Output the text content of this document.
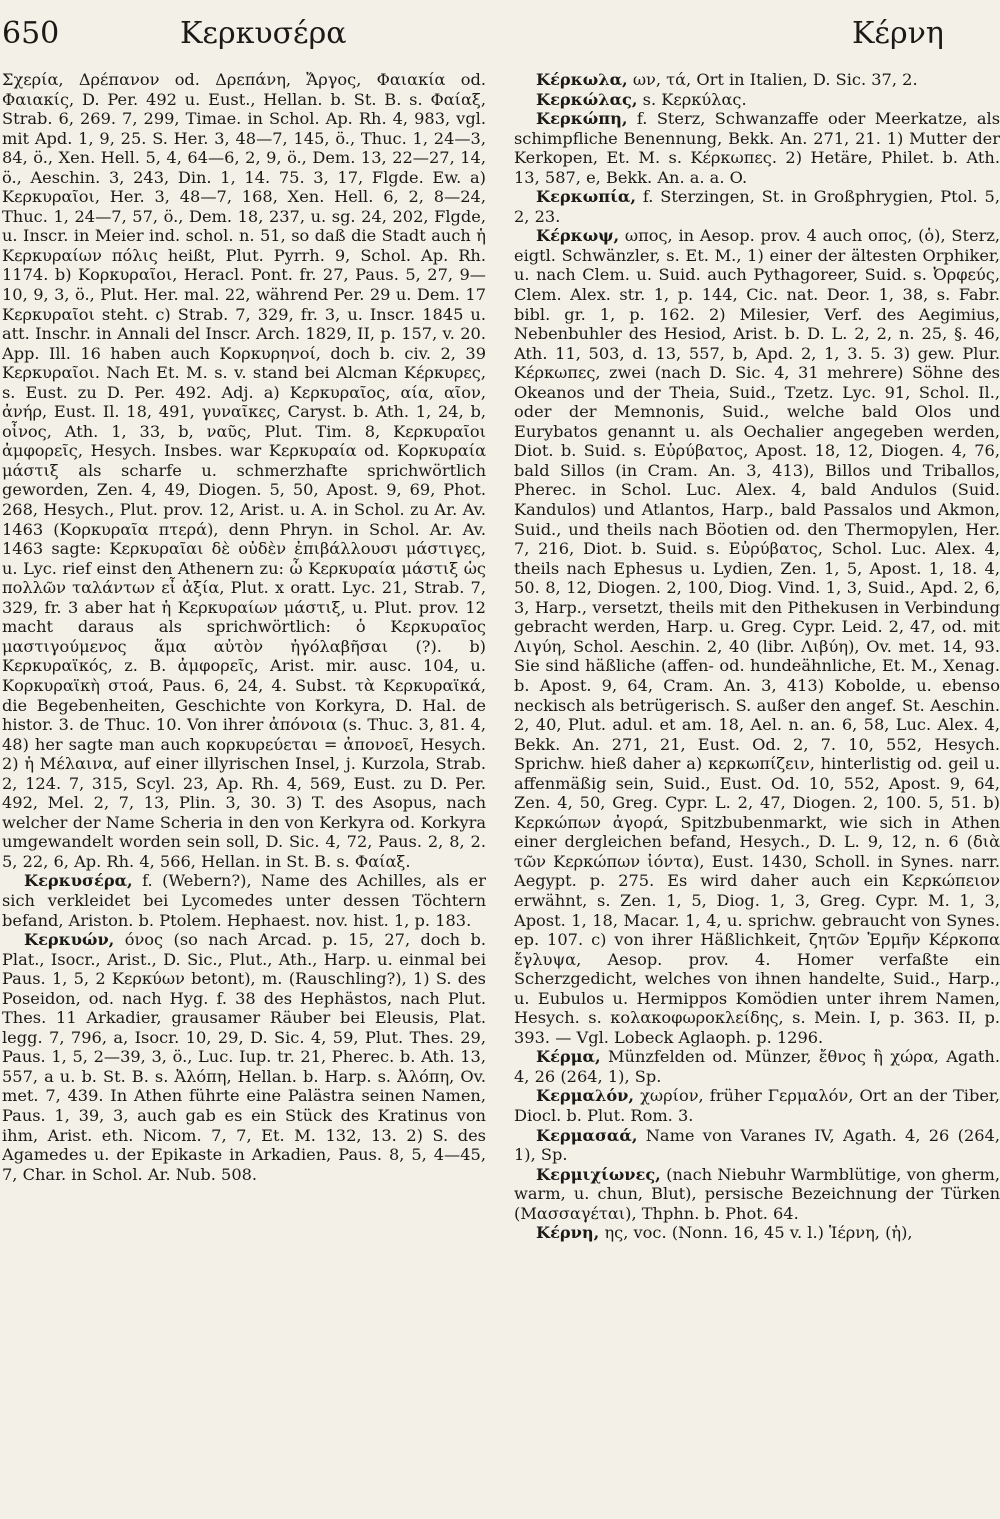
650	Κερκυσέρα	Κέρνη

Σχερία, Δρέπανον od. Δρεπάνη, Ἄργος, Φαιακία od. Φαιακίς, D. Per. 492 u. Eust., Hellan. b. St. B. s. Φαίαξ, Strab. 6, 269. 7, 299, Timae. in Schol. Ap. Rh. 4, 983, vgl. mit Apd. 1, 9, 25. S. Her. 3, 48—7, 145, ö., Thuc. 1, 24—3, 84, ö., Xen. Hell. 5, 4, 64—6, 2, 9, ö., Dem. 13, 22—27, 14, ö., Aeschin. 3, 243, Din. 1, 14. 75. 3, 17, Flgde. Ew. a) Κερκυραῖοι, Her. 3, 48—7, 168, Xen. Hell. 6, 2, 8—24, Thuc. 1, 24—7, 57, ö., Dem. 18, 237, u. sg. 24, 202, Flgde, u. Inscr. in Meier ind. schol. n. 51, so daß die Stadt auch ἡ Κερκυραίων πόλις heißt, Plut. Pyrrh. 9, Schol. Ap. Rh. 1174. b) Κορκυραῖοι, Heracl. Pont. fr. 27, Paus. 5, 27, 9—10, 9, 3, ö., Plut. Her. mal. 22, während Per. 29 u. Dem. 17 Κερκυραῖοι steht. c) Strab. 7, 329, fr. 3, u. Inscr. 1845 u. att. Inschr. in Annali del Inscr. Arch. 1829, II, p. 157, v. 20. App. Ill. 16 haben auch Κορκυρηνοί, doch b. civ. 2, 39 Κερκυραῖοι. Nach Et. M. s. v. stand bei Alcman Κέρκυρες, s. Eust. zu D. Per. 492. Adj. a) Κερκυραῖος, αία, αῖον, ἀνήρ, Eust. Il. 18, 491, γυναῖκες, Caryst. b. Ath. 1, 24, b, οἶνος, Ath. 1, 33, b, ναῦς, Plut. Tim. 8, Κερκυραῖοι ἀμφορεῖς, Hesych. Insbes. war Κερκυραία od. Κορκυραία μάστιξ als scharfe u. schmerzhafte sprichwörtlich geworden, Zen. 4, 49, Diogen. 5, 50, Apost. 9, 69, Phot. 268, Hesych., Plut. prov. 12, Arist. u. A. in Schol. zu Ar. Av. 1463 (Κορκυραῖα πτερά), denn Phryn. in Schol. Ar. Av. 1463 sagte: Κερκυραῖαι δὲ οὐδὲν ἐπιβάλλουσι μάστιγες, u. Lyc. rief einst den Athenern zu: ὦ Κερκυραία μάστιξ ὡς πολλῶν ταλάντων εἶ ἀξία, Plut. x oratt. Lyc. 21, Strab. 7, 329, fr. 3 aber hat ἡ Κερκυραίων μάστιξ, u. Plut. prov. 12 macht daraus als sprichwörtlich: ὁ Κερκυραῖος μαστιγούμενος ἅμα αὐτὸν ἠγόλαβῆσαι (?). b) Κερκυραϊκός, z. B. ἀμφορεῖς, Arist. mir. ausc. 104, u. Κορκυραϊκὴ στοά, Paus. 6, 24, 4. Subst. τὰ Κερκυραϊκά, die Begebenheiten, Geschichte von Korkyra, D. Hal. de histor. 3. de Thuc. 10. Von ihrer ἀπόνοια (s. Thuc. 3, 81. 4, 48) her sagte man auch κορκυρεύεται = ἀπονοεῖ, Hesych. 2) ἡ Μέλαινα, auf einer illyrischen Insel, j. Kurzola, Strab. 2, 124. 7, 315, Scyl. 23, Ap. Rh. 4, 569, Eust. zu D. Per. 492, Mel. 2, 7, 13, Plin. 3, 30. 3) T. des Asopus, nach welcher der Name Scheria in den von Kerkyra od. Korkyra umgewandelt worden sein soll, D. Sic. 4, 72, Paus. 2, 8, 2. 5, 22, 6, Ap. Rh. 4, 566, Hellan. in St. B. s. Φαίαξ.

Κερκυσέρα, f. (Webern?), Name des Achilles, als er sich verkleidet bei Lycomedes unter dessen Töchtern befand, Ariston. b. Ptolem. Hephaest. nov. hist. 1, p. 183.

Κερκυών, όνος (so nach Arcad. p. 15, 27, doch b. Plat., Isocr., Arist., D. Sic., Plut., Ath., Harp. u. einmal bei Paus. 1, 5, 2 Κερκύων betont), m. (Rauschling?), 1) S. des Poseidon, od. nach Hyg. f. 38 des Hephästos, nach Plut. Thes. 11 Arkadier, grausamer Räuber bei Eleusis, Plat. legg. 7, 796, a, Isocr. 10, 29, D. Sic. 4, 59, Plut. Thes. 29, Paus. 1, 5, 2—39, 3, ö., Luc. Iup. tr. 21, Pherec. b. Ath. 13, 557, a u. b. St. B. s. Ἀλόπη, Hellan. b. Harp. s. Ἀλόπη, Ov. met. 7, 439. In Athen führte eine Palästra seinen Namen, Paus. 1, 39, 3, auch gab es ein Stück des Kratinus von ihm, Arist. eth. Nicom. 7, 7, Et. M. 132, 13. 2) S. des Agamedes u. der Epikaste in Arkadien, Paus. 8, 5, 4—45, 7, Char. in Schol. Ar. Nub. 508.

Κέρκωλα, ων, τά, Ort in Italien, D. Sic. 37, 2.

Κερκώλας, s. Κερκύλας.

Κερκώπη, f. Sterz, Schwanzaffe oder Meerkatze, als schimpfliche Benennung, Bekk. An. 271, 21. 1) Mutter der Kerkopen, Et. M. s. Κέρκωπες. 2) Hetäre, Philet. b. Ath. 13, 587, e, Bekk. An. a. a. O.

Κερκωπία, f. Sterzingen, St. in Großphrygien, Ptol. 5, 2, 23.

Κέρκωψ, ωπος, in Aesop. prov. 4 auch οπος, (ὁ), Sterz, eigtl. Schwänzler, s. Et. M., 1) einer der ältesten Orphiker, u. nach Clem. u. Suid. auch Pythagoreer, Suid. s. Ὀρφεύς, Clem. Alex. str. 1, p. 144, Cic. nat. Deor. 1, 38, s. Fabr. bibl. gr. 1, p. 162. 2) Milesier, Verf. des Aegimius, Nebenbuhler des Hesiod, Arist. b. D. L. 2, 2, n. 25, §. 46, Ath. 11, 503, d. 13, 557, b, Apd. 2, 1, 3. 5. 3) gew. Plur. Κέρκωπες, zwei (nach D. Sic. 4, 31 mehrere) Söhne des Okeanos und der Theia, Suid., Tzetz. Lyc. 91, Schol. Il., oder der Memnonis, Suid., welche bald Olos und Eurybatos genannt u. als Oechalier angegeben werden, Diot. b. Suid. s. Εὐρύβατος, Apost. 18, 12, Diogen. 4, 76, bald Sillos (in Cram. An. 3, 413), Billos und Triballos, Pherec. in Schol. Luc. Alex. 4, bald Andulos (Suid. Kandulos) und Atlantos, Harp., bald Passalos und Akmon, Suid., und theils nach Böotien od. den Thermopylen, Her. 7, 216, Diot. b. Suid. s. Εὐρύβατος, Schol. Luc. Alex. 4, theils nach Ephesus u. Lydien, Zen. 1, 5, Apost. 1, 18. 4, 50. 8, 12, Diogen. 2, 100, Diog. Vind. 1, 3, Suid., Apd. 2, 6, 3, Harp., versetzt, theils mit den Pithekusen in Verbindung gebracht werden, Harp. u. Greg. Cypr. Leid. 2, 47, od. mit Λιγύη, Schol. Aeschin. 2, 40 (libr. Λιβύη), Ov. met. 14, 93. Sie sind häßliche (affen- od. hundeähnliche, Et. M., Xenag. b. Apost. 9, 64, Cram. An. 3, 413) Kobolde, u. ebenso neckisch als betrügerisch. S. außer den angef. St. Aeschin. 2, 40, Plut. adul. et am. 18, Ael. n. an. 6, 58, Luc. Alex. 4, Bekk. An. 271, 21, Eust. Od. 2, 7. 10, 552, Hesych. Sprichw. hieß daher a) κερκωπίζειν, hinterlistig od. geil u. affenmäßig sein, Suid., Eust. Od. 10, 552, Apost. 9, 64, Zen. 4, 50, Greg. Cypr. L. 2, 47, Diogen. 2, 100. 5, 51. b) Κερκώπων ἀγορά, Spitzbubenmarkt, wie sich in Athen einer dergleichen befand, Hesych., D. L. 9, 12, n. 6 (διὰ τῶν Κερκώπων ἰόντα), Eust. 1430, Scholl. in Synes. narr. Aegypt. p. 275. Es wird daher auch ein Κερκώπειον erwähnt, s. Zen. 1, 5, Diog. 1, 3, Greg. Cypr. M. 1, 3, Apost. 1, 18, Macar. 1, 4, u. sprichw. gebraucht von Synes. ep. 107. c) von ihrer Häßlichkeit, ζητῶν Ἑρμῆν Κέρκοπα ἔγλυψα, Aesop. prov. 4. Homer verfaßte ein Scherzgedicht, welches von ihnen handelte, Suid., Harp., u. Eubulos u. Hermippos Komödien unter ihrem Namen, Hesych. s. κολακοφωροκλείδης, s. Mein. I, p. 363. II, p. 393. — Vgl. Lobeck Aglaoph. p. 1296.

Κέρμα, Münzfelden od. Münzer, ἔθνος ἢ χώρα, Agath. 4, 26 (264, 1), Sp.

Κερμαλόν, χωρίον, früher Γερμαλόν, Ort an der Tiber, Diocl. b. Plut. Rom. 3.

Κερμασαά, Name von Varanes IV, Agath. 4, 26 (264, 1), Sp.

Κερμιχίωνες, (nach Niebuhr Warmblütige, von gherm, warm, u. chun, Blut), persische Bezeichnung der Türken (Μασσαγέται), Thphn. b. Phot. 64.

Κέρνη, ης, voc. (Nonn. 16, 45 v. l.) Ἱέρνη, (ἡ),
